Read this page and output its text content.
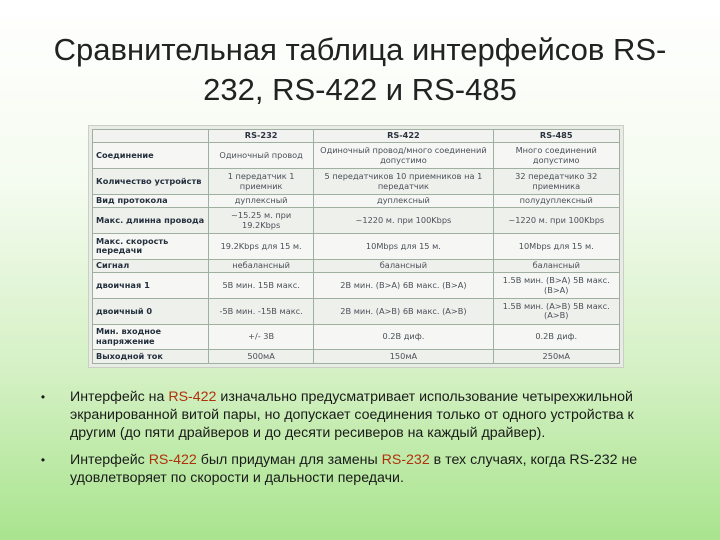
Сравнительная таблица интерфейсов RS-232, RS-422 и RS-485
	RS-232	RS-422	RS-485
Соединение	Одиночный провод	Одиночный провод/много соединений допустимо	Много соединений допустимо
Количество устройств	1 передатчик 1 приемник	5 передатчиков 10 приемников на 1 передатчик	32 передатчико 32 приемника
Вид протокола	дуплексный	дуплексный	полудуплексный
Макс. длинна провода	~15.25 м. при 19.2Kbps	~1220 м. при 100Kbps	~1220 м. при 100Kbps
Макс. скорость передачи	19.2Kbps для 15 м.	10Mbps для 15 м.	10Mbps для 15 м.
Сигнал	небалансный	балансный	балансный
двоичная 1	5В мин. 15В макс.	2В мин. (В>А) 6В макс. (В>А)	1.5В мин. (В>А) 5В макс. (В>А)
двоичный 0	-5В мин. -15В макс.	2В мин. (А>В) 6В макс. (А>В)	1.5В мин. (А>В) 5В макс. (А>В)
Мин. входное напряжение	+/- 3В	0.2В диф.	0.2В диф.
Выходной ток	500мА	150мА	250мА
•	Интерфейс на RS-422 изначально предусматривает использование четырехжильной экранированной витой пары, но допускает соединения только от одного устройства к другим (до пяти драйверов и до десяти ресиверов на каждый драйвер).
•	Интерфейс RS-422 был придуман для замены RS-232 в тех случаях, когда RS-232 не удовлетворяет по скорости и дальности передачи.
